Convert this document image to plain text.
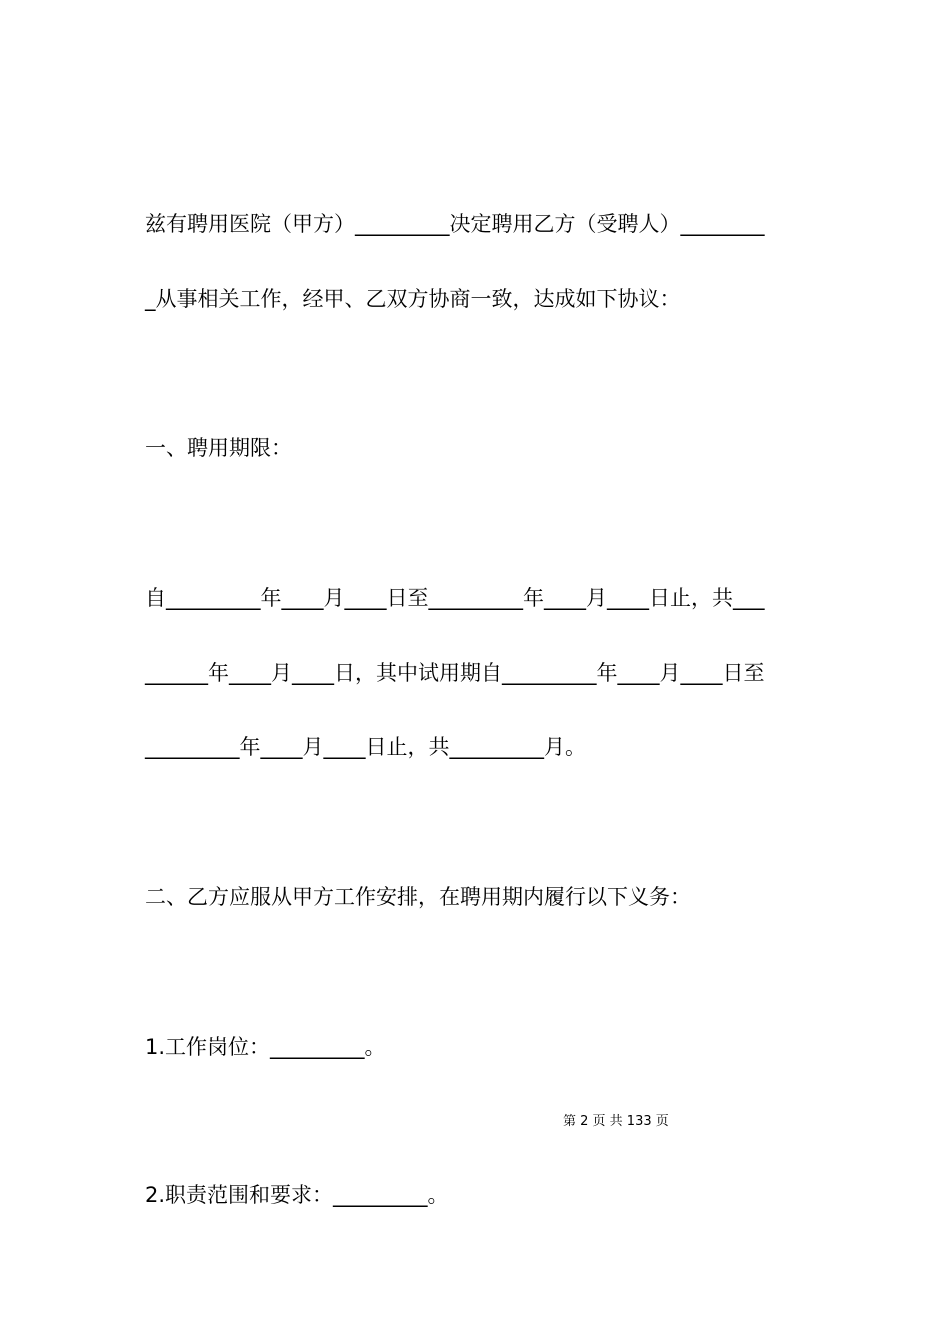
兹有聘用医院（甲方）_________决定聘用乙方（受聘人）________

_从事相关工作，经甲、乙双方协商一致，达成如下协议：

一、聘用期限：

自_________年____月____日至_________年____月____日止，共___

______年____月____日，其中试用期自_________年____月____日至

_________年____月____日止，共_________月。

二、乙方应服从甲方工作安排，在聘用期内履行以下义务：

1.工作岗位：_________。

第 2 页 共 133 页

2.职责范围和要求：_________。
